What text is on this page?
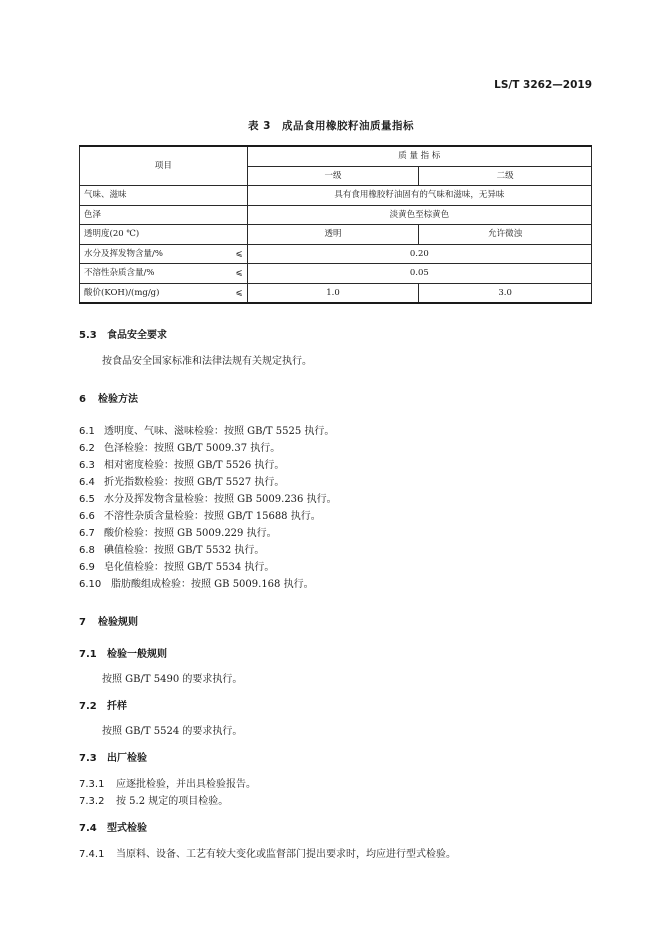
LS/T 3262—2019
表 3　成品食用橡胶籽油质量指标
项目	质 量 指 标	
	一级	二级
气味、滋味	具有食用橡胶籽油固有的气味和滋味，无异味	
色泽	淡黄色至棕黄色	
透明度(20 ℃)	透明	允许微浊
水分及挥发物含量/% ⩽	0.20	
不溶性杂质含量/% ⩽	0.05	
酸价(KOH)/(mg/g) ⩽	1.0	3.0
5.3 食品安全要求
按食品安全国家标准和法律法规有关规定执行。
6 检验方法
6.1 透明度、气味、滋味检验：按照 GB/T 5525 执行。
6.2 色泽检验：按照 GB/T 5009.37 执行。
6.3 相对密度检验：按照 GB/T 5526 执行。
6.4 折光指数检验：按照 GB/T 5527 执行。
6.5 水分及挥发物含量检验：按照 GB 5009.236 执行。
6.6 不溶性杂质含量检验：按照 GB/T 15688 执行。
6.7 酸价检验：按照 GB 5009.229 执行。
6.8 碘值检验：按照 GB/T 5532 执行。
6.9 皂化值检验：按照 GB/T 5534 执行。
6.10 脂肪酸组成检验：按照 GB 5009.168 执行。
7 检验规则
7.1 检验一般规则
按照 GB/T 5490 的要求执行。
7.2 扦样
按照 GB/T 5524 的要求执行。
7.3 出厂检验
7.3.1 应逐批检验，并出具检验报告。
7.3.2 按 5.2 规定的项目检验。
7.4 型式检验
7.4.1 当原料、设备、工艺有较大变化或监督部门提出要求时，均应进行型式检验。
